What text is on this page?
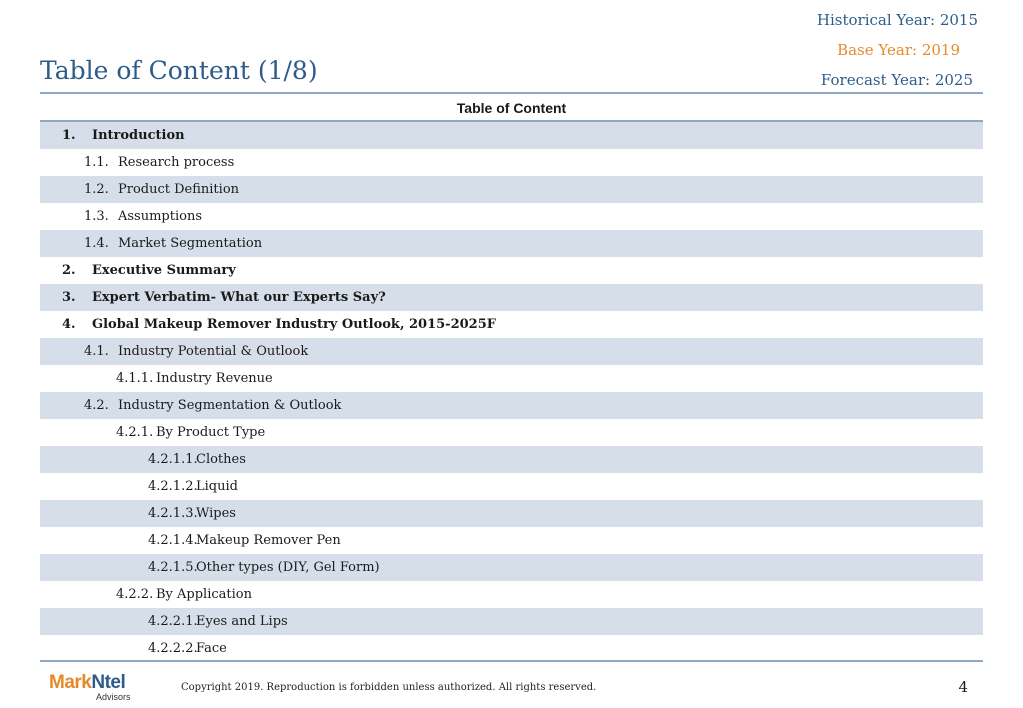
Table of Content (1/8)
Historical Year: 2015
Base Year: 2019
Forecast Year: 2025
Table of Content
1. Introduction
1.1. Research process
1.2. Product Definition
1.3. Assumptions
1.4. Market Segmentation
2. Executive Summary
3. Expert Verbatim- What our Experts Say?
4. Global Makeup Remover Industry Outlook, 2015-2025F
4.1. Industry Potential & Outlook
4.1.1. Industry Revenue
4.2. Industry Segmentation & Outlook
4.2.1. By Product Type
4.2.1.1.
Clothes
4.2.1.2.
Liquid
4.2.1.3.
Wipes
4.2.1.4.
Makeup Remover Pen
4.2.1.5.
Other types (DIY, Gel Form)
4.2.2. By Application
4.2.2.1.
Eyes and Lips
4.2.2.2.
Face
MarkNtel
Advisors
Copyright 2019. Reproduction is forbidden unless authorized. All rights reserved.	4
